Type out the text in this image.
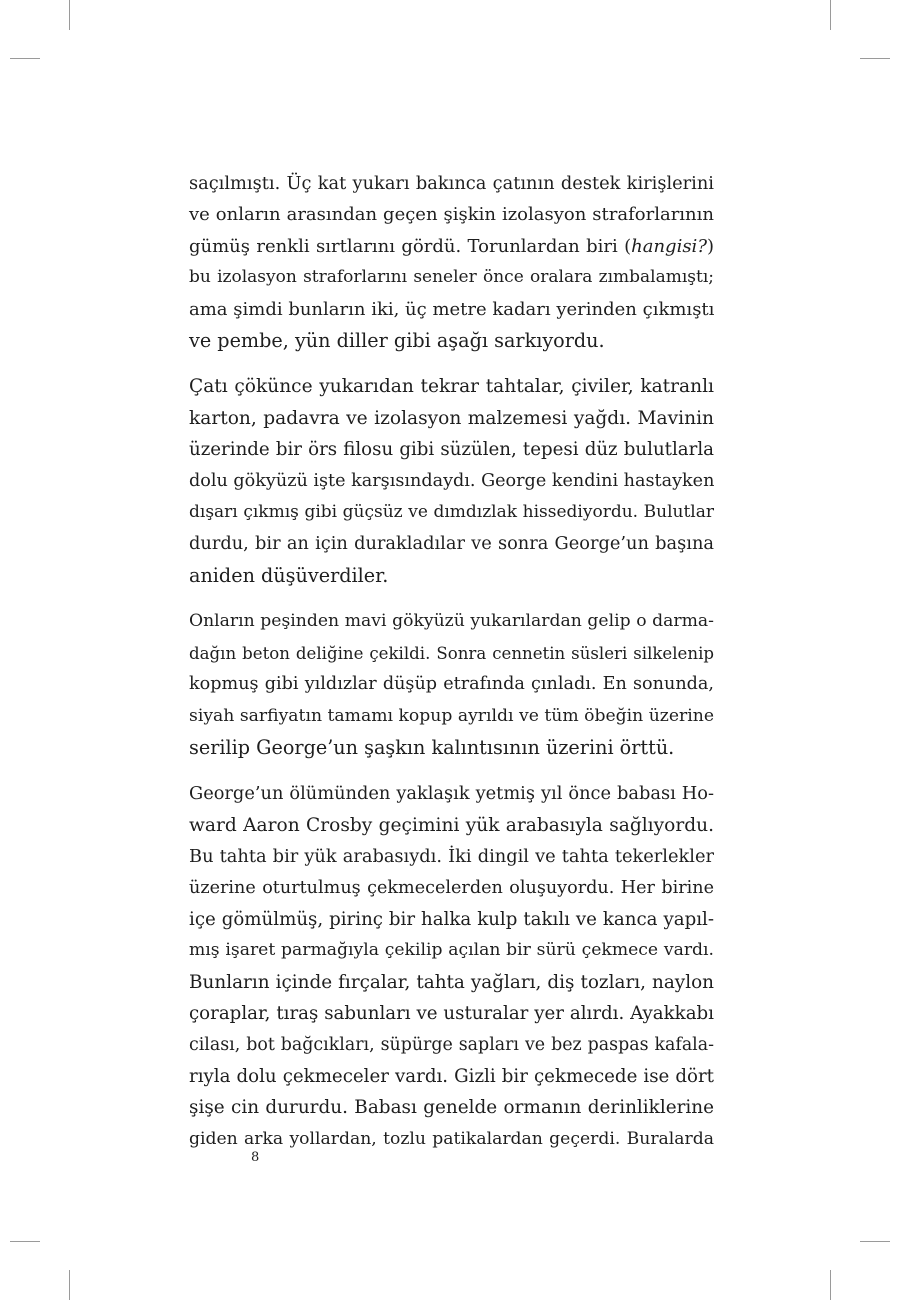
saçılmıştı. Üç kat yukarı bakınca çatının destek kirişlerini
ve onların arasından geçen şişkin izolasyon straforlarının
gümüş renkli sırtlarını gördü. Torunlardan biri (hangisi?)
bu izolasyon straforlarını seneler önce oralara zımbalamıştı;
ama şimdi bunların iki, üç metre kadarı yerinden çıkmıştı
ve pembe, yün diller gibi aşağı sarkıyordu.

Çatı çökünce yukarıdan tekrar tahtalar, çiviler, katranlı
karton, padavra ve izolasyon malzemesi yağdı. Mavinin
üzerinde bir örs filosu gibi süzülen, tepesi düz bulutlarla
dolu gökyüzü işte karşısındaydı. George kendini hastayken
dışarı çıkmış gibi güçsüz ve dımdızlak hissediyordu. Bulutlar
durdu, bir an için durakladılar ve sonra George’un başına
aniden düşüverdiler.

Onların peşinden mavi gökyüzü yukarılardan gelip o darma-
dağın beton deliğine çekildi. Sonra cennetin süsleri silkelenip
kopmuş gibi yıldızlar düşüp etrafında çınladı. En sonunda,
siyah sarfiyatın tamamı kopup ayrıldı ve tüm öbeğin üzerine
serilip George’un şaşkın kalıntısının üzerini örttü.

George’un ölümünden yaklaşık yetmiş yıl önce babası Ho-
ward Aaron Crosby geçimini yük arabasıyla sağlıyordu.
Bu tahta bir yük arabasıydı. İki dingil ve tahta tekerlekler
üzerine oturtulmuş çekmecelerden oluşuyordu. Her birine
içe gömülmüş, pirinç bir halka kulp takılı ve kanca yapıl-
mış işaret parmağıyla çekilip açılan bir sürü çekmece vardı.
Bunların içinde fırçalar, tahta yağları, diş tozları, naylon
çoraplar, tıraş sabunları ve usturalar yer alırdı. Ayakkabı
cilası, bot bağcıkları, süpürge sapları ve bez paspas kafala-
rıyla dolu çekmeceler vardı. Gizli bir çekmecede ise dört
şişe cin dururdu. Babası genelde ormanın derinliklerine
giden arka yollardan, tozlu patikalardan geçerdi. Buralarda

8
